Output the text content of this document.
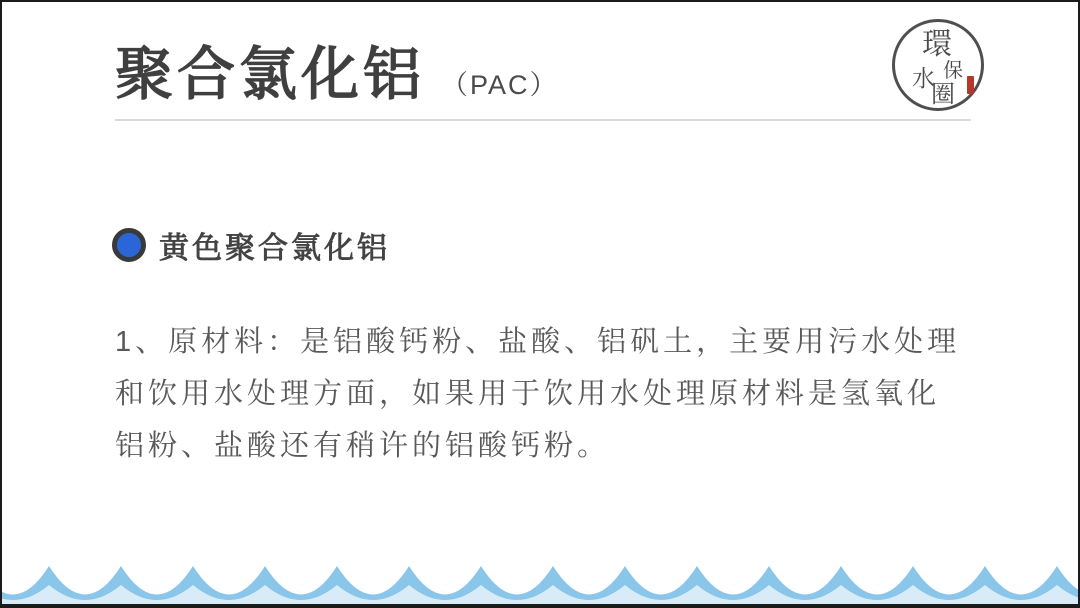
聚合氯化铝 （PAC）
環
保
水
圈
黄色聚合氯化铝
1、原材料：是铝酸钙粉、盐酸、铝矾土，主要用污水处理
和饮用水处理方面，如果用于饮用水处理原材料是氢氧化
铝粉、盐酸还有稍许的铝酸钙粉。
